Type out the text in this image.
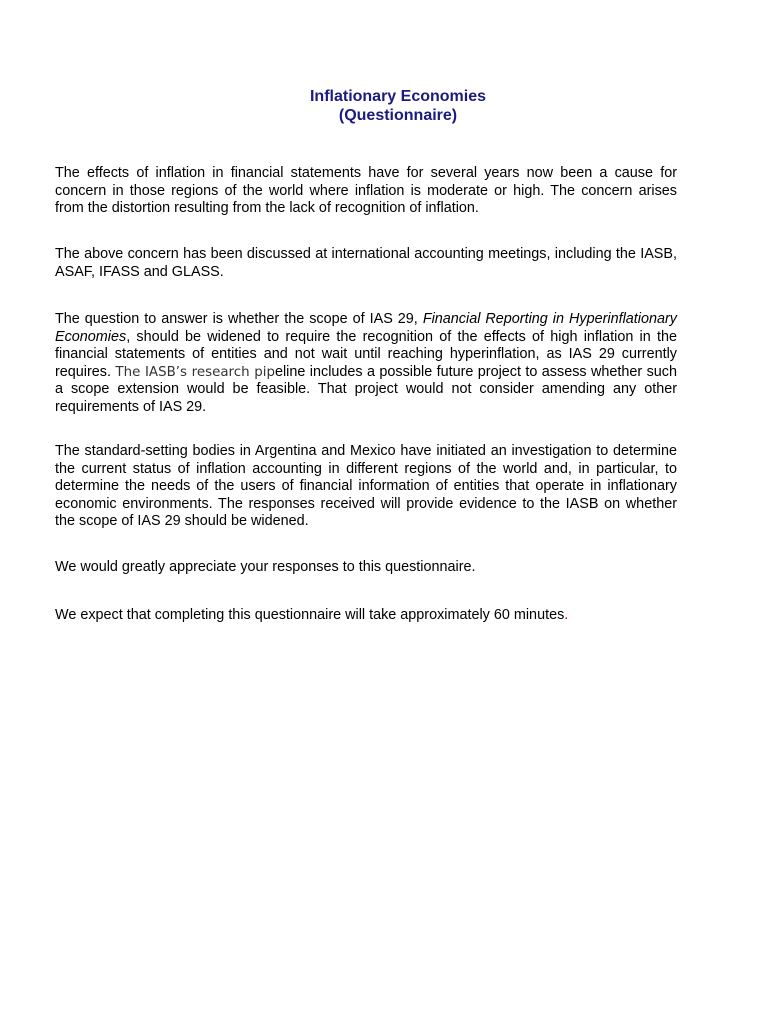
Inflationary Economies
(Questionnaire)
The effects of inflation in financial statements have for several years now been a cause for concern in those regions of the world where inflation is moderate or high. The concern arises from the distortion resulting from the lack of recognition of inflation.
The above concern has been discussed at international accounting meetings, including the IASB, ASAF, IFASS and GLASS.
The question to answer is whether the scope of IAS 29, Financial Reporting in Hyperinflationary Economies, should be widened to require the recognition of the effects of high inflation in the financial statements of entities and not wait until reaching hyperinflation, as IAS 29 currently requires. The IASB’s research pipeline includes a possible future project to assess whether such a scope extension would be feasible. That project would not consider amending any other requirements of IAS 29.
The standard-setting bodies in Argentina and Mexico have initiated an investigation to determine the current status of inflation accounting in different regions of the world and, in particular, to determine the needs of the users of financial information of entities that operate in inflationary economic environments. The responses received will provide evidence to the IASB on whether the scope of IAS 29 should be widened.
We would greatly appreciate your responses to this questionnaire.
We expect that completing this questionnaire will take approximately 60 minutes.
